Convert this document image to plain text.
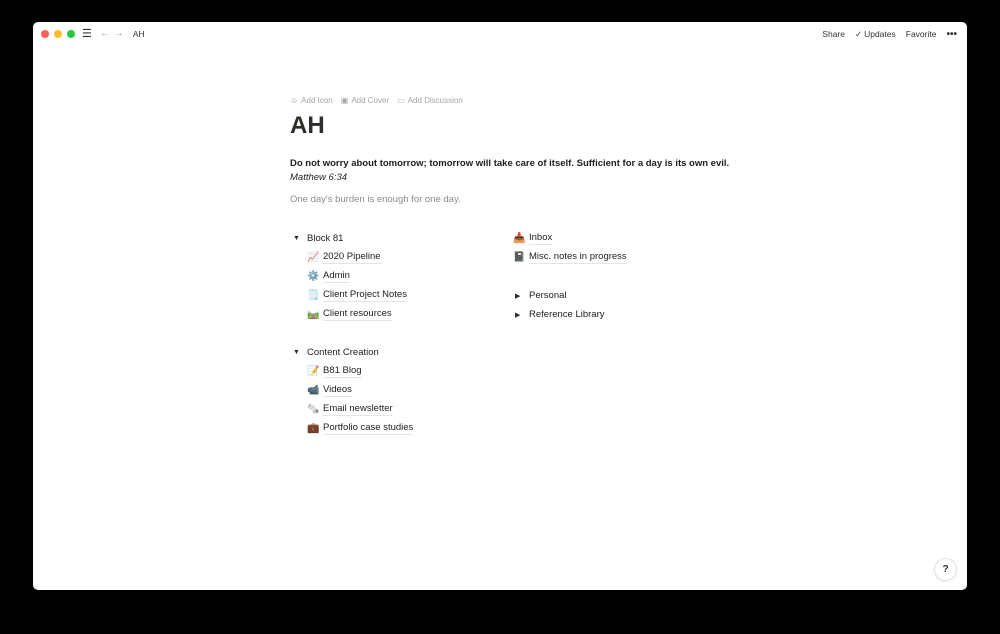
☰ ← → AH	Share ✓ Updates Favorite •••
☺ Add Icon ▣ Add Cover ▭ Add Discussion
AH
Do not worry about tomorrow; tomorrow will take care of itself. Sufficient for a day is its own evil.
Matthew 6:34
One day's burden is enough for one day.
▼ Block 81
📈 2020 Pipeline
⚙️ Admin
🗒️ Client Project Notes
🛤️ Client resources
▼ Content Creation
📝 B81 Blog
📹 Videos
🗞️ Email newsletter
💼 Portfolio case studies
📥 Inbox
📓 Misc. notes in progress
▶ Personal
▶ Reference Library
?
